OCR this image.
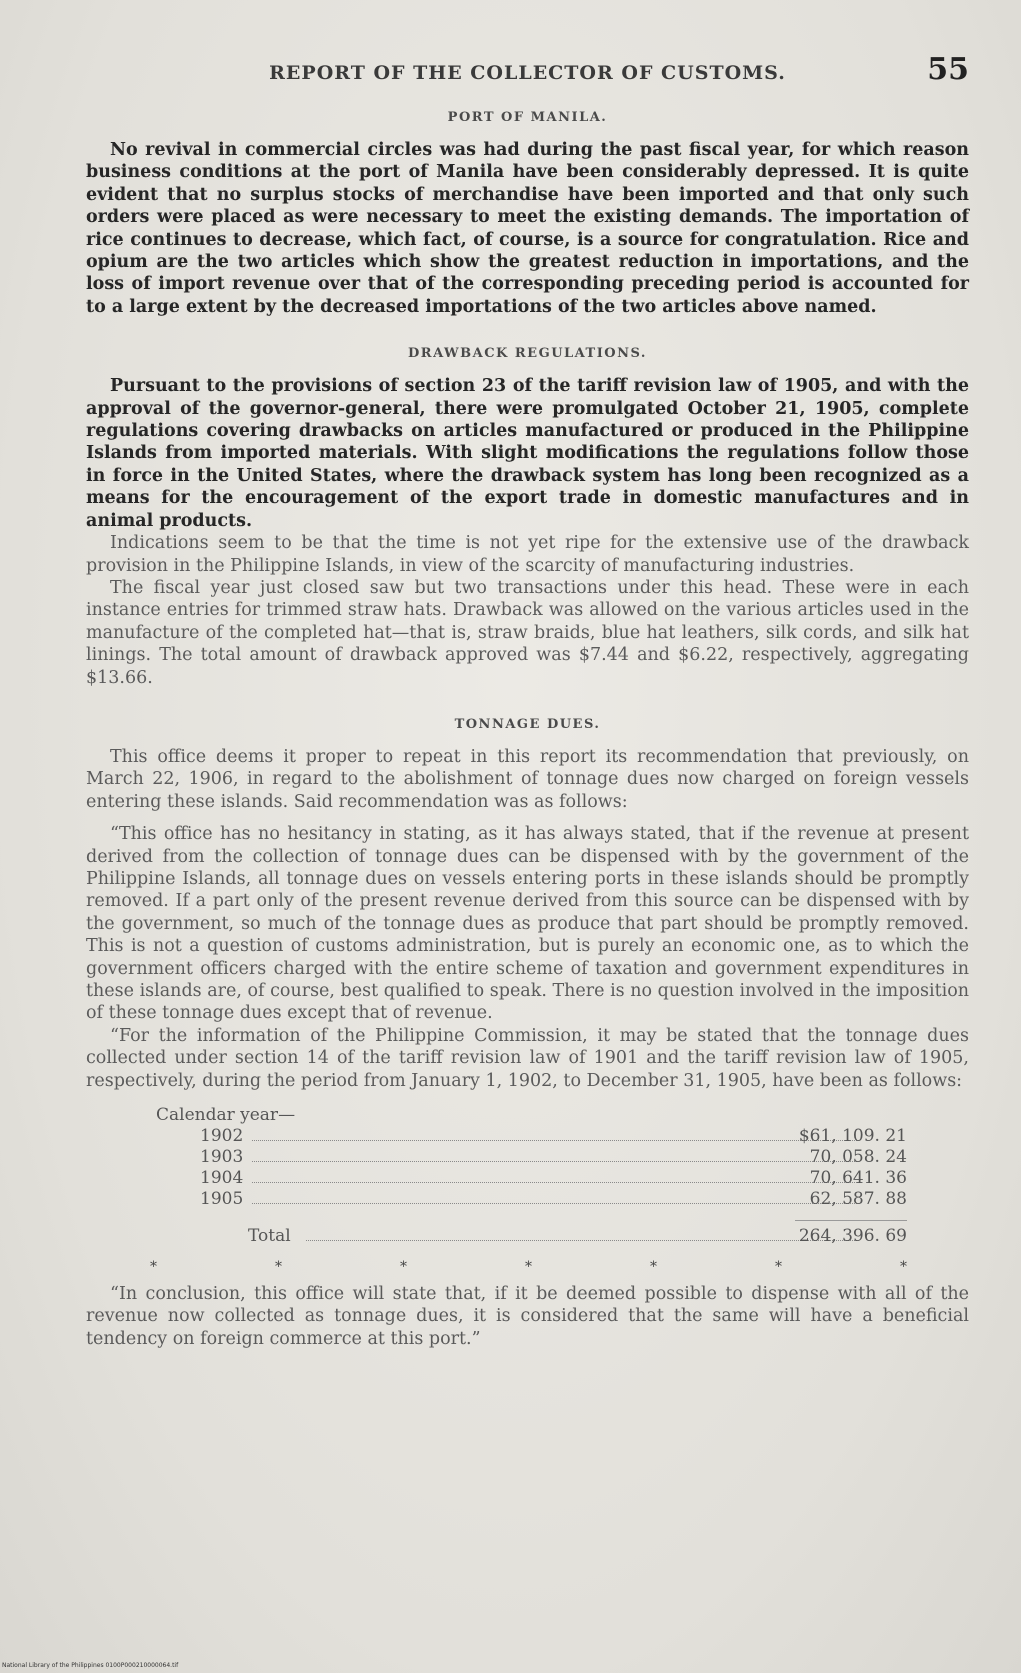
REPORT OF THE COLLECTOR OF CUSTOMS.	55
PORT OF MANILA.

No revival in commercial circles was had during the past fiscal year, for which reason business conditions at the port of Manila have been considerably depressed. It is quite evident that no surplus stocks of merchandise have been imported and that only such orders were placed as were necessary to meet the existing demands. The importation of rice continues to decrease, which fact, of course, is a source for congratulation. Rice and opium are the two articles which show the greatest reduction in importations, and the loss of import revenue over that of the corresponding preceding period is accounted for to a large extent by the decreased importations of the two articles above named.

DRAWBACK REGULATIONS.

Pursuant to the provisions of section 23 of the tariff revision law of 1905, and with the approval of the governor-general, there were promulgated October 21, 1905, complete regulations covering drawbacks on articles manufactured or produced in the Philippine Islands from imported materials. With slight modifications the regulations follow those in force in the United States, where the drawback system has long been recognized as a means for the encouragement of the export trade in domestic manufactures and in animal products.

Indications seem to be that the time is not yet ripe for the extensive use of the drawback provision in the Philippine Islands, in view of the scarcity of manufacturing industries.

The fiscal year just closed saw but two transactions under this head. These were in each instance entries for trimmed straw hats. Drawback was allowed on the various articles used in the manufacture of the completed hat—that is, straw braids, blue hat leathers, silk cords, and silk hat linings. The total amount of drawback approved was $7.44 and $6.22, respectively, aggregating $13.66.

TONNAGE DUES.

This office deems it proper to repeat in this report its recommendation that previously, on March 22, 1906, in regard to the abolishment of tonnage dues now charged on foreign vessels entering these islands. Said recommendation was as follows:

“This office has no hesitancy in stating, as it has always stated, that if the revenue at present derived from the collection of tonnage dues can be dispensed with by the government of the Philippine Islands, all tonnage dues on vessels entering ports in these islands should be promptly removed. If a part only of the present revenue derived from this source can be dispensed with by the government, so much of the tonnage dues as produce that part should be promptly removed. This is not a question of customs administration, but is purely an economic one, as to which the government officers charged with the entire scheme of taxation and government expenditures in these islands are, of course, best qualified to speak. There is no question involved in the imposition of these tonnage dues except that of revenue.

“For the information of the Philippine Commission, it may be stated that the tonnage dues collected under section 14 of the tariff revision law of 1901 and the tariff revision law of 1905, respectively, during the period from January 1, 1902, to December 31, 1905, have been as follows:

Calendar year—
1902	$61, 109. 21
1903	70, 058. 24
1904	70, 641. 36
1905	62, 587. 88
Total	264, 396. 69
*	*	*	*	*	*	*

“In conclusion, this office will state that, if it be deemed possible to dispense with all of the revenue now collected as tonnage dues, it is considered that the same will have a beneficial tendency on foreign commerce at this port.”

National Library of the Philippines 0100P000210000064.tif
